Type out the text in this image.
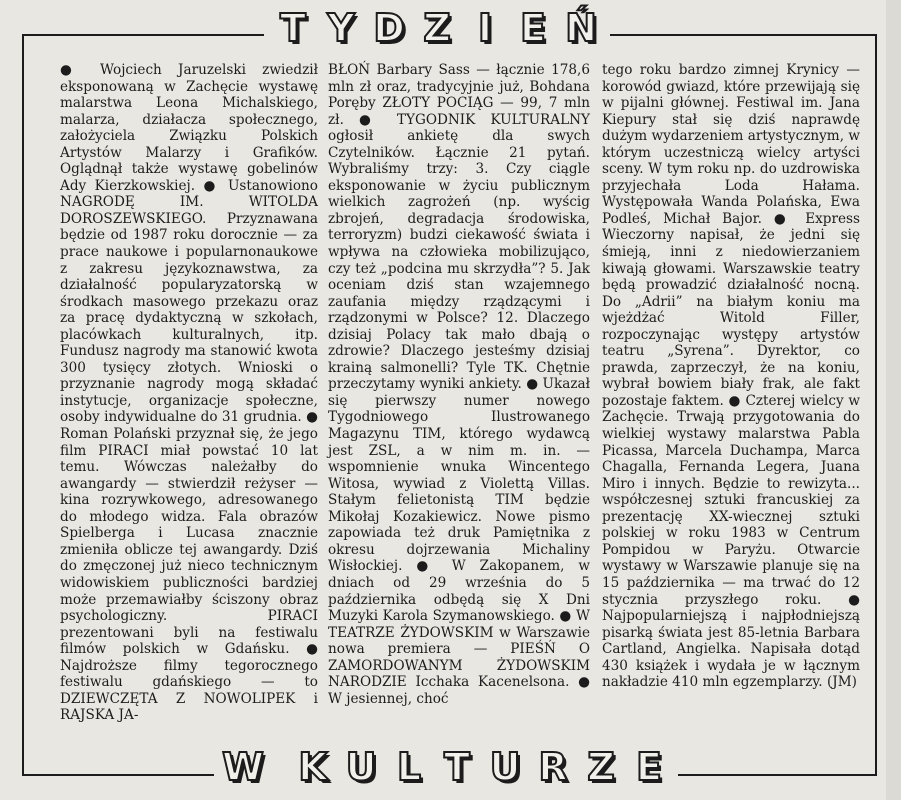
T Y D Z I E Ń

● Wojciech Jaruzelski zwiedził eksponowaną w Zachęcie wystawę malarstwa Leona Michalskiego, malarza, działacza społecznego, założyciela Związku Polskich Artystów Malarzy i Grafików. Oglądnął także wystawę gobelinów Ady Kierzkowskiej. ● Ustanowiono NAGRODĘ IM. WITOLDA DOROSZEWSKIEGO. Przyznawana będzie od 1987 roku dorocznie — za prace naukowe i popularnonaukowe z zakresu językoznawstwa, za działalność popularyzatorską w środkach masowego przekazu oraz za pracę dydaktyczną w szkołach, placówkach kulturalnych, itp. Fundusz nagrody ma stanowić kwota 300 tysięcy złotych. Wnioski o przyznanie nagrody mogą składać instytucje, organizacje społeczne, osoby indywidualne do 31 grudnia. ● Roman Polański przyznał się, że jego film PIRACI miał powstać 10 lat temu. Wówczas należałby do awangardy — stwierdził reżyser — kina rozrywkowego, adresowanego do młodego widza. Fala obrazów Spielberga i Lucasa znacznie zmieniła oblicze tej awangardy. Dziś do zmęczonej już nieco technicznym widowiskiem publiczności bardziej może przemawiałby ściszony obraz psychologiczny. PIRACI prezentowani byli na festiwalu filmów polskich w Gdańsku. ● Najdroższe filmy tegorocznego festiwalu gdańskiego — to DZIEWCZĘTA Z NOWOLIPEK i RAJSKA JA-

BŁOŃ Barbary Sass — łącznie 178,6 mln zł oraz, tradycyjnie już, Bohdana Poręby ZŁOTY POCIĄG — 99, 7 mln zł. ● TYGODNIK KULTURALNY ogłosił ankietę dla swych Czytelników. Łącznie 21 pytań. Wybraliśmy trzy: 3. Czy ciągle eksponowanie w życiu publicznym wielkich zagrożeń (np. wyścig zbrojeń, degradacja środowiska, terroryzm) budzi ciekawość świata i wpływa na człowieka mobilizująco, czy też „podcina mu skrzydła”? 5. Jak oceniam dziś stan wzajemnego zaufania między rządzącymi i rządzonymi w Polsce? 12. Dlaczego dzisiaj Polacy tak mało dbają o zdrowie? Dlaczego jesteśmy dzisiaj krainą salmonelli? Tyle TK. Chętnie przeczytamy wyniki ankiety. ● Ukazał się pierwszy numer nowego Tygodniowego Ilustrowanego Magazynu TIM, którego wydawcą jest ZSL, a w nim m. in. — wspomnienie wnuka Wincentego Witosa, wywiad z Violettą Villas. Stałym felietonistą TIM będzie Mikołaj Kozakiewicz. Nowe pismo zapowiada też druk Pamiętnika z okresu dojrzewania Michaliny Wisłockiej. ● W Zakopanem, w dniach od 29 września do 5 października odbędą się X Dni Muzyki Karola Szymanowskiego. ● W TEATRZE ŻYDOWSKIM w Warszawie nowa premiera — PIEŚŃ O ZAMORDOWANYM ŻYDOWSKIM NARODZIE Icchaka Kacenelsona. ● W jesiennej, choć

tego roku bardzo zimnej Krynicy — korowód gwiazd, które przewijają się w pijalni głównej. Festiwal im. Jana Kiepury stał się dziś naprawdę dużym wydarzeniem artystycznym, w którym uczestniczą wielcy artyści sceny. W tym roku np. do uzdrowiska przyjechała Loda Hałama. Występowała Wanda Polańska, Ewa Podleś, Michał Bajor. ● Express Wieczorny napisał, że jedni się śmieją, inni z niedowierzaniem kiwają głowami. Warszawskie teatry będą prowadzić działalność nocną. Do „Adrii” na białym koniu ma wjeżdżać Witold Filler, rozpoczynając występy artystów teatru „Syrena”. Dyrektor, co prawda, zaprzeczył, że na koniu, wybrał bowiem biały frak, ale fakt pozostaje faktem. ● Czterej wielcy w Zachęcie. Trwają przygotowania do wielkiej wystawy malarstwa Pabla Picassa, Marcela Duchampa, Marca Chagalla, Fernanda Legera, Juana Miro i innych. Będzie to rewizyta... współczesnej sztuki francuskiej za prezentację XX-wiecznej sztuki polskiej w roku 1983 w Centrum Pompidou w Paryżu. Otwarcie wystawy w Warszawie planuje się na 15 października — ma trwać do 12 stycznia przyszłego roku. ● Najpopularniejszą i najpłodniejszą pisarką świata jest 85-letnia Barbara Cartland, Angielka. Napisała dotąd 430 książek i wydała je w łącznym nakładzie 410 mln egzemplarzy. (JM)

W K U L T U R Z E
